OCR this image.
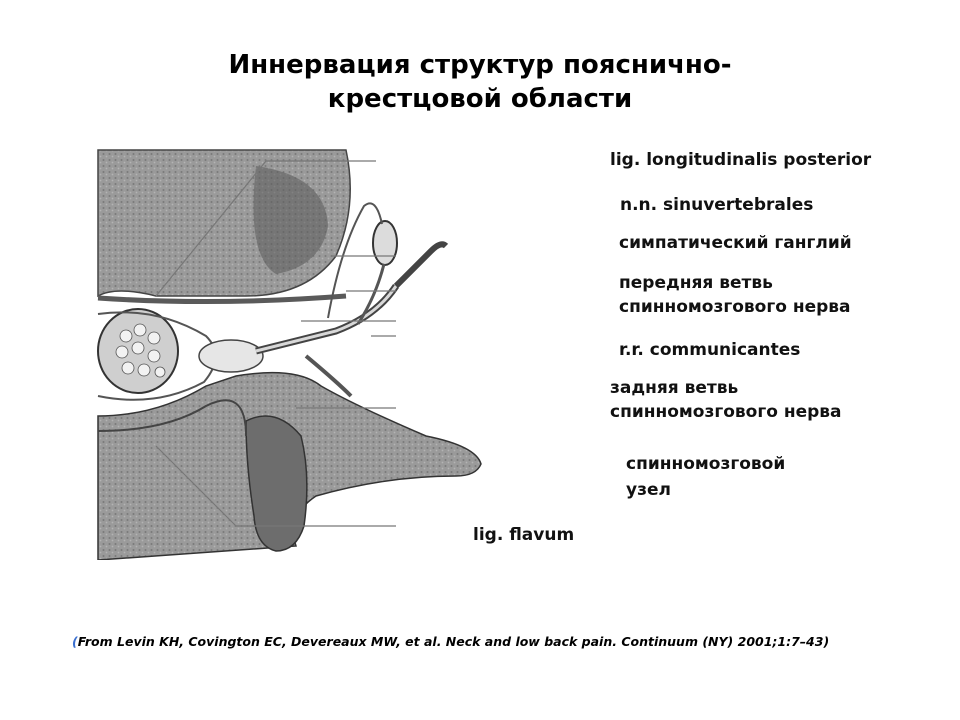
Иннервация структур пояснично-
крестцовой области
lig. longitudinalis posterior
n.n. sinuvertebrales
симпатический ганглий
передняя ветвь
спинномозгового нерва
r.r. communicantes
задняя ветвь
спинномозгового нерва
спинномозговой
узел
lig. flavum
(From Levin KH, Covington EC, Devereaux MW, et al. Neck and low back pain. Continuum (NY) 2001;1:7–43)
